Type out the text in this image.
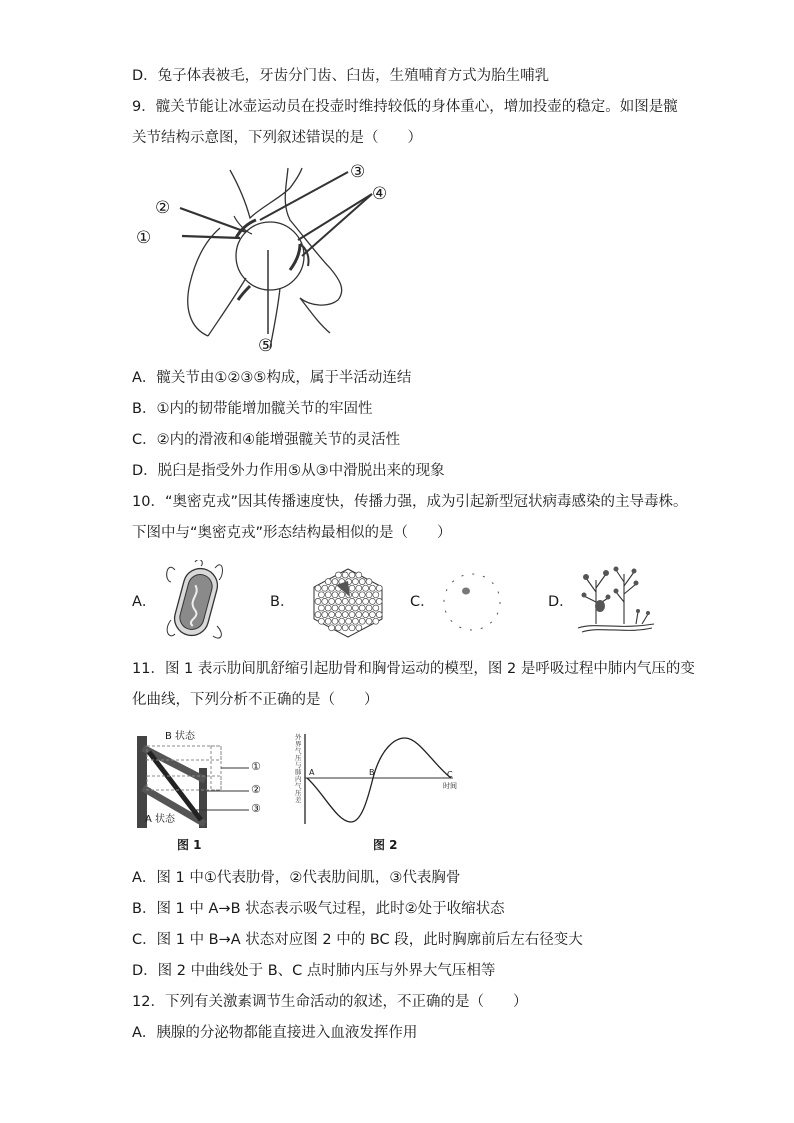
D．兔子体表被毛，牙齿分门齿、臼齿，生殖哺育方式为胎生哺乳
9．髋关节能让冰壶运动员在投壶时维持较低的身体重心，增加投壶的稳定。如图是髋
关节结构示意图，下列叙述错误的是（　　）
②
①
③
④
⑤
A．髋关节由①②③⑤构成，属于半活动连结
B．①内的韧带能增加髋关节的牢固性
C．②内的滑液和④能增强髋关节的灵活性
D．脱臼是指受外力作用⑤从③中滑脱出来的现象
10．“奥密克戎”因其传播速度快，传播力强，成为引起新型冠状病毒感染的主导毒株。
下图中与“奥密克戎”形态结构最相似的是（　　）
A．	B．	C．	D．
11．图 1 表示肋间肌舒缩引起肋骨和胸骨运动的模型，图 2 是呼吸过程中肺内气压的变
化曲线，下列分析不正确的是（　　）
B 状态
A 状态
①
②
③
图 1
外界气压与肺内气压差
A	B	C
时间
图 2
A．图 1 中①代表肋骨，②代表肋间肌，③代表胸骨
B．图 1 中 A→B 状态表示吸气过程，此时②处于收缩状态
C．图 1 中 B→A 状态对应图 2 中的 BC 段，此时胸廓前后左右径变大
D．图 2 中曲线处于 B、C 点时肺内压与外界大气压相等
12．下列有关激素调节生命活动的叙述，不正确的是（　　）
A．胰腺的分泌物都能直接进入血液发挥作用
